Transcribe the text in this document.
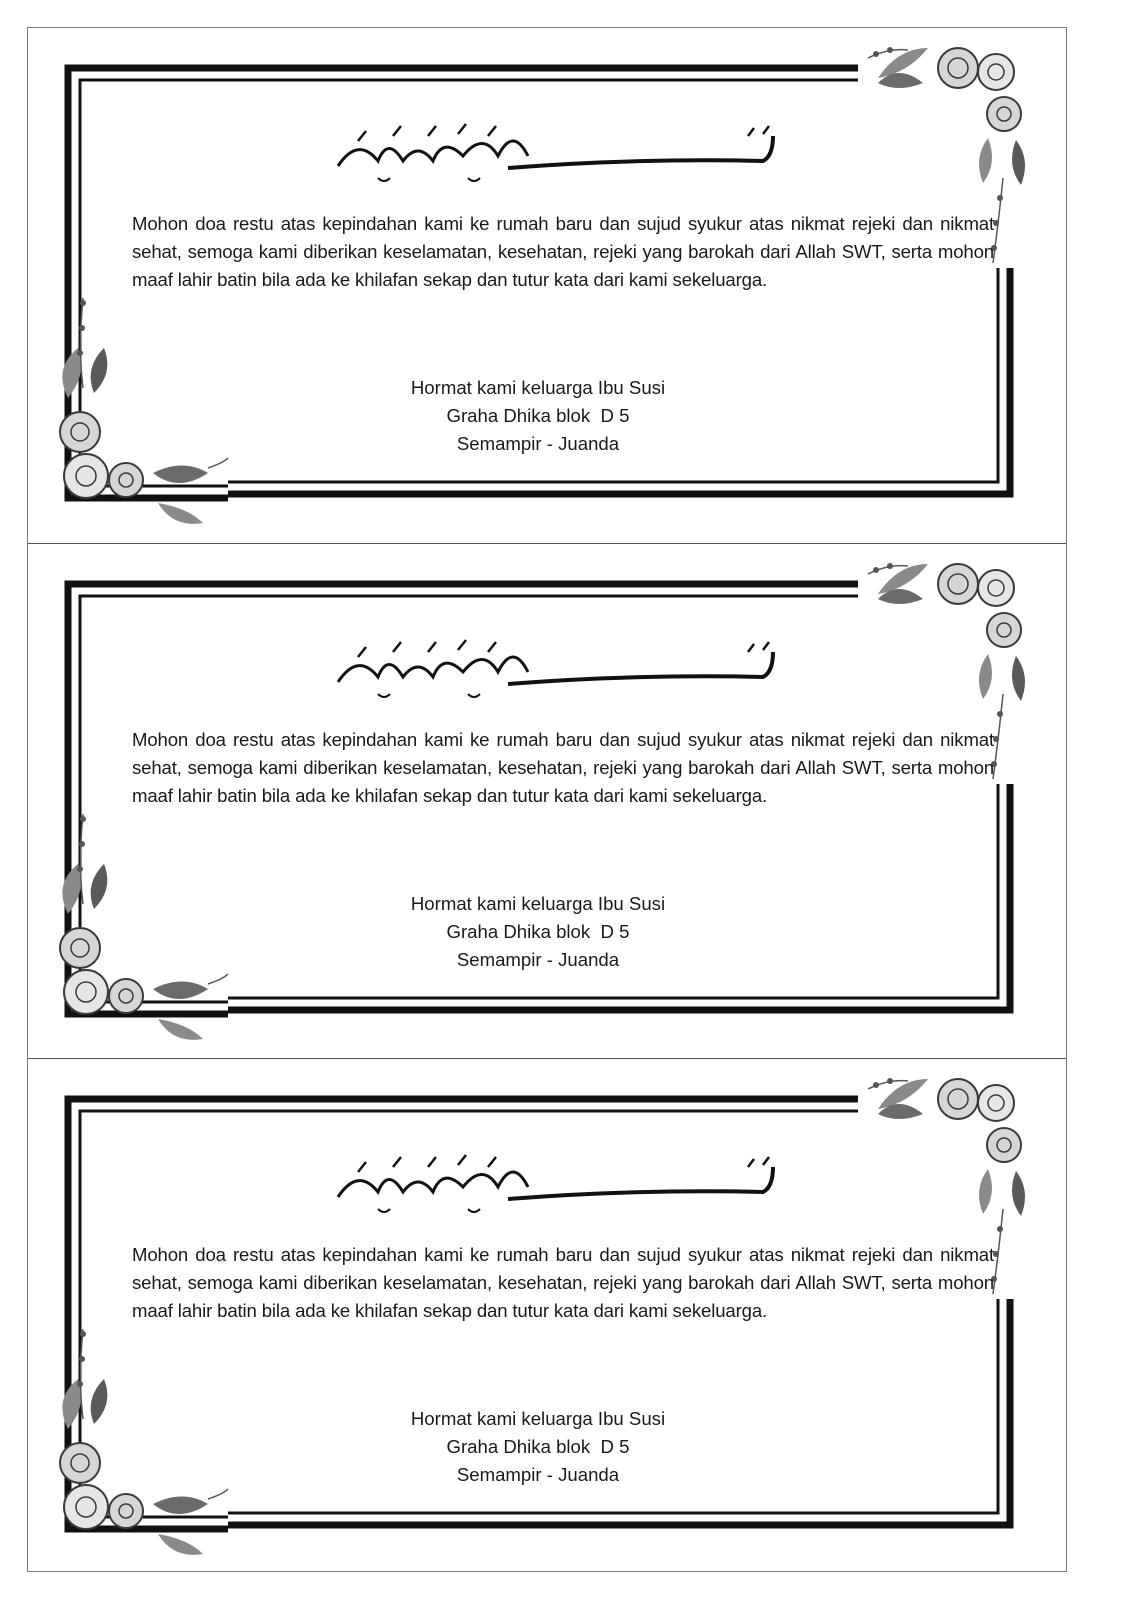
Mohon doa restu atas kepindahan kami ke rumah baru dan sujud syukur atas nikmat rejeki dan nikmat sehat, semoga kami diberikan keselamatan, kesehatan, rejeki yang barokah dari Allah SWT, serta mohon maaf lahir batin bila ada ke khilafan sekap dan tutur kata dari kami sekeluarga.

Hormat kami keluarga Ibu Susi
Graha Dhika blok  D 5
Semampir - Juanda

Mohon doa restu atas kepindahan kami ke rumah baru dan sujud syukur atas nikmat rejeki dan nikmat sehat, semoga kami diberikan keselamatan, kesehatan, rejeki yang barokah dari Allah SWT, serta mohon maaf lahir batin bila ada ke khilafan sekap dan tutur kata dari kami sekeluarga.

Hormat kami keluarga Ibu Susi
Graha Dhika blok  D 5
Semampir - Juanda

Mohon doa restu atas kepindahan kami ke rumah baru dan sujud syukur atas nikmat rejeki dan nikmat sehat, semoga kami diberikan keselamatan, kesehatan, rejeki yang barokah dari Allah SWT, serta mohon maaf lahir batin bila ada ke khilafan sekap dan tutur kata dari kami sekeluarga.

Hormat kami keluarga Ibu Susi
Graha Dhika blok  D 5
Semampir - Juanda
